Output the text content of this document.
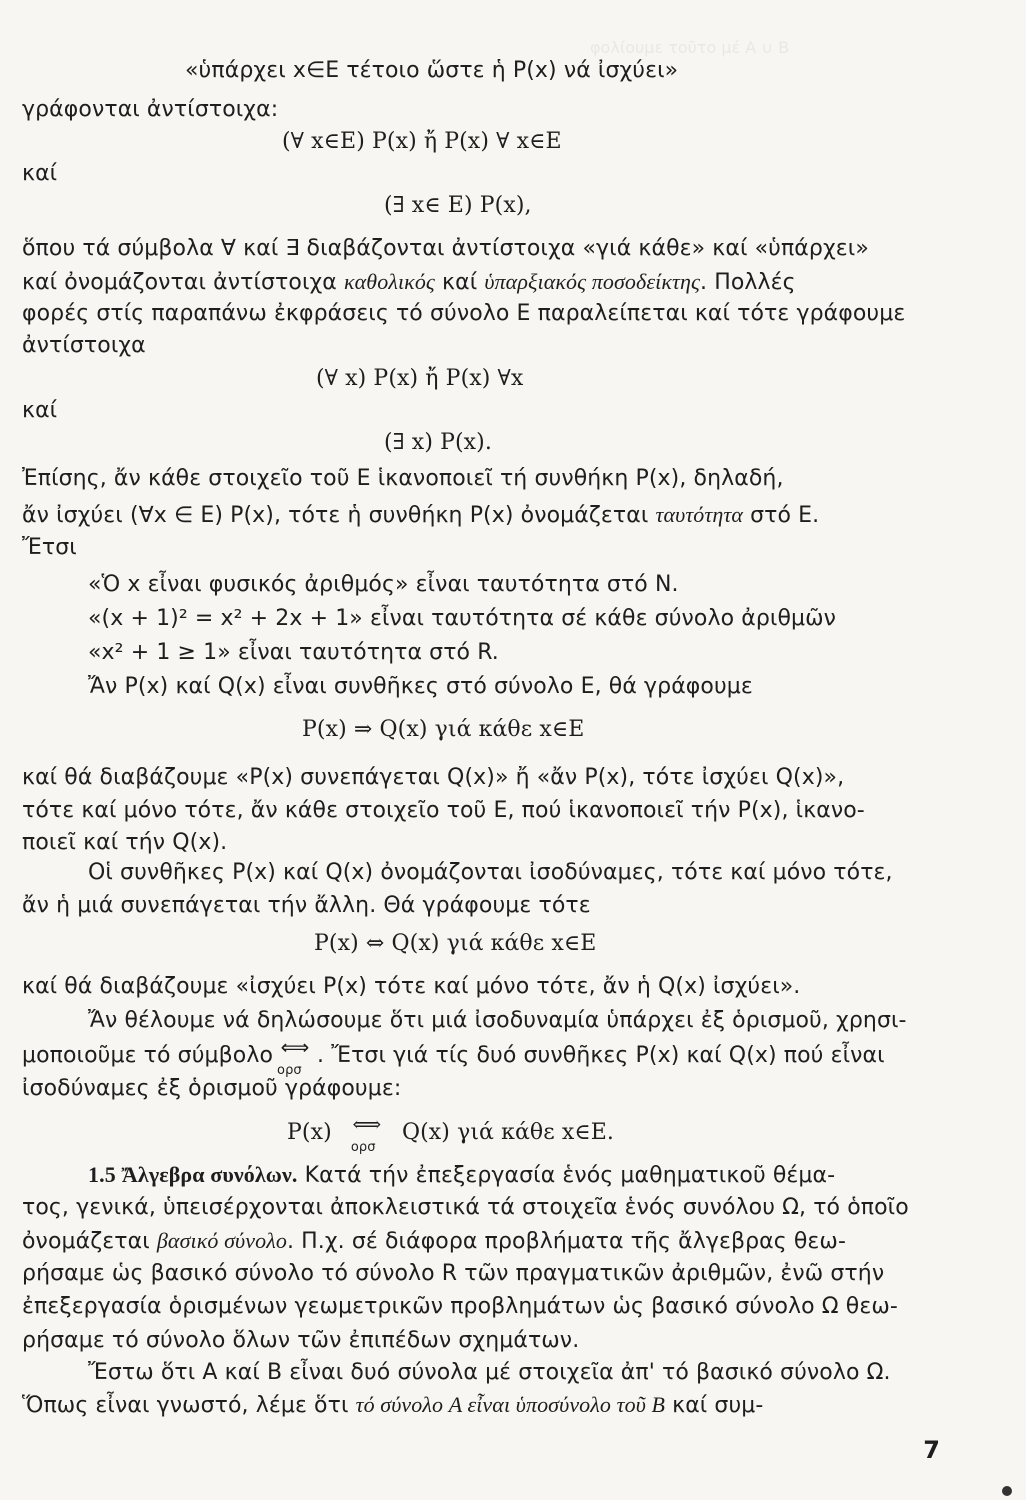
φολίουμε τοῦτο μέ A ∪ B
«ὑπάρχει x∈E τέτοιο ὥστε ἡ P(x) νά ἰσχύει»
γράφονται ἀντίστοιχα:
(∀ x∈E) P(x) ἤ P(x) ∀ x∈E
καί
(∃ x∈ E) P(x),
ὅπου τά σύμβολα ∀ καί ∃ διαβάζονται ἀντίστοιχα «γιά κάθε» καί «ὑπάρχει»
καί ὀνομάζονται ἀντίστοιχα καθολικός καί ὑπαρξιακός ποσοδείκτης. Πολλές
φορές στίς παραπάνω ἐκφράσεις τό σύνολο E παραλείπεται καί τότε γράφουμε
ἀντίστοιχα
(∀ x) P(x) ἤ P(x) ∀x
καί
(∃ x) P(x).
Ἐπίσης, ἄν κάθε στοιχεῖο τοῦ E ἱκανοποιεῖ τή συνθήκη P(x), δηλαδή,
ἄν ἰσχύει (∀x ∈ E) P(x), τότε ἡ συνθήκη P(x) ὀνομάζεται ταυτότητα στό E.
Ἔτσι
«Ὁ x εἶναι φυσικός ἀριθμός» εἶναι ταυτότητα στό N.
«(x + 1)² = x² + 2x + 1» εἶναι ταυτότητα σέ κάθε σύνολο ἀριθμῶν
«x² + 1 ≥ 1» εἶναι ταυτότητα στό R.
Ἄν P(x) καί Q(x) εἶναι συνθῆκες στό σύνολο E, θά γράφουμε
P(x) ⇒ Q(x) γιά κάθε x∈E
καί θά διαβάζουμε «P(x) συνεπάγεται Q(x)» ἤ «ἄν P(x), τότε ἰσχύει Q(x)»,
τότε καί μόνο τότε, ἄν κάθε στοιχεῖο τοῦ E, πού ἱκανοποιεῖ τήν P(x), ἱκανο-
ποιεῖ καί τήν Q(x).
Οἱ συνθῆκες P(x) καί Q(x) ὀνομάζονται ἰσοδύναμες, τότε καί μόνο τότε,
ἄν ἡ μιά συνεπάγεται τήν ἄλλη. Θά γράφουμε τότε
P(x) ⇔ Q(x) γιά κάθε x∈E
καί θά διαβάζουμε «ἰσχύει P(x) τότε καί μόνο τότε, ἄν ἡ Q(x) ἰσχύει».
Ἄν θέλουμε νά δηλώσουμε ὅτι μιά ἰσοδυναμία ὑπάρχει ἐξ ὁρισμοῦ, χρησι-
μοποιοῦμε τό σύμβολο ⟺
ορσ
. Ἔτσι γιά τίς δυό συνθῆκες P(x) καί Q(x) πού εἶναι
ἰσοδύναμες ἐξ ὁρισμοῦ γράφουμε:
P(x) ⟺
ορσ
Q(x) γιά κάθε x∈E.
1.5 Ἄλγεβρα συνόλων. Κατά τήν ἐπεξεργασία ἑνός μαθηματικοῦ θέμα-
τος, γενικά, ὑπεισέρχονται ἀποκλειστικά τά στοιχεῖα ἑνός συνόλου Ω, τό ὁποῖο
ὀνομάζεται βασικό σύνολο. Π.χ. σέ διάφορα προβλήματα τῆς ἄλγεβρας θεω-
ρήσαμε ὡς βασικό σύνολο τό σύνολο R τῶν πραγματικῶν ἀριθμῶν, ἐνῶ στήν
ἐπεξεργασία ὁρισμένων γεωμετρικῶν προβλημάτων ὡς βασικό σύνολο Ω θεω-
ρήσαμε τό σύνολο ὅλων τῶν ἐπιπέδων σχημάτων.
Ἔστω ὅτι A καί B εἶναι δυό σύνολα μέ στοιχεῖα ἀπ' τό βασικό σύνολο Ω.
Ὅπως εἶναι γνωστό, λέμε ὅτι τό σύνολο A εἶναι ὑποσύνολο τοῦ B καί συμ-
7
